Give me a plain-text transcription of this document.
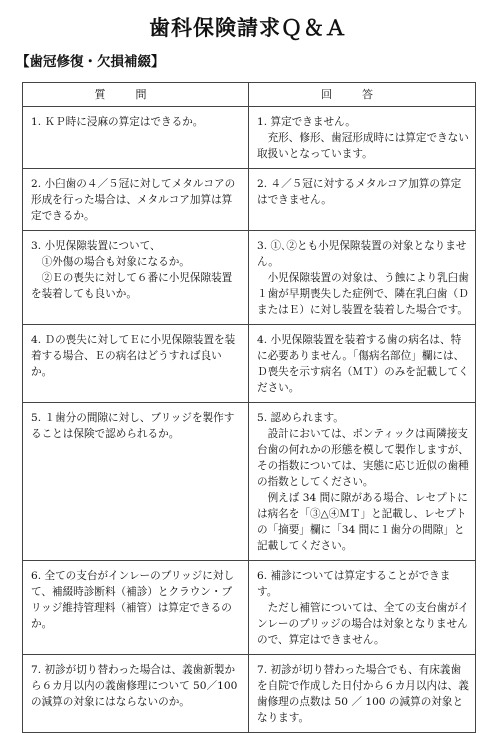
歯科保険請求Ｑ＆Ａ
【歯冠修復・欠損補綴】
質問	回答

1. ＫＰ時に浸麻の算定はできるか。	1. 算定できません。
　充形、修形、歯冠形成時には算定できない取扱いとなっています。

2. 小臼歯の４／５冠に対してメタルコアの形成を行った場合は、メタルコア加算は算定できるか。	2. ４／５冠に対するメタルコア加算の算定はできません。

3. 小児保隙装置について、
　①外傷の場合も対象になるか。
　②Ｅの喪失に対して６番に小児保隙装置を装着しても良いか。	3. ①､②とも小児保隙装置の対象となりません。
　小児保隙装置の対象は、う蝕により乳臼歯１歯が早期喪失した症例で、隣在乳臼歯（ＤまたはＥ）に対し装置を装着した場合です。

4. Ｄの喪失に対してＥに小児保隙装置を装着する場合、Ｅの病名はどうすれば良いか。	4. 小児保隙装置を装着する歯の病名は、特に必要ありません。「傷病名部位」欄には、Ｄ喪失を示す病名（ＭＴ）のみを記載してください。

5. １歯分の間隙に対し、ブリッジを製作することは保険で認められるか。	5. 認められます。
　設計においては、ポンティックは両隣接支台歯の何れかの形態を模して製作しますが、その指数については、実態に応じ近似の歯種の指数としてください。
　例えば 34 間に隙がある場合、レセプトには病名を「③△④ＭＴ」と記載し、レセプトの「摘要」欄に「34 間に１歯分の間隙」と記載してください。

6. 全ての支台がインレーのブリッジに対して、補綴時診断料（補診）とクラウン・ブリッジ維持管理料（補管）は算定できるのか。	6. 補診については算定することができます。
　ただし補管については、全ての支台歯がインレーのブリッジの場合は対象となりませんので、算定はできません。

7. 初診が切り替わった場合は、義歯新製から６カ月以内の義歯修理について 50／100 の減算の対象にはならないのか。	7. 初診が切り替わった場合でも、有床義歯を自院で作成した日付から６カ月以内は、義歯修理の点数は 50 ／ 100 の減算の対象となります。
